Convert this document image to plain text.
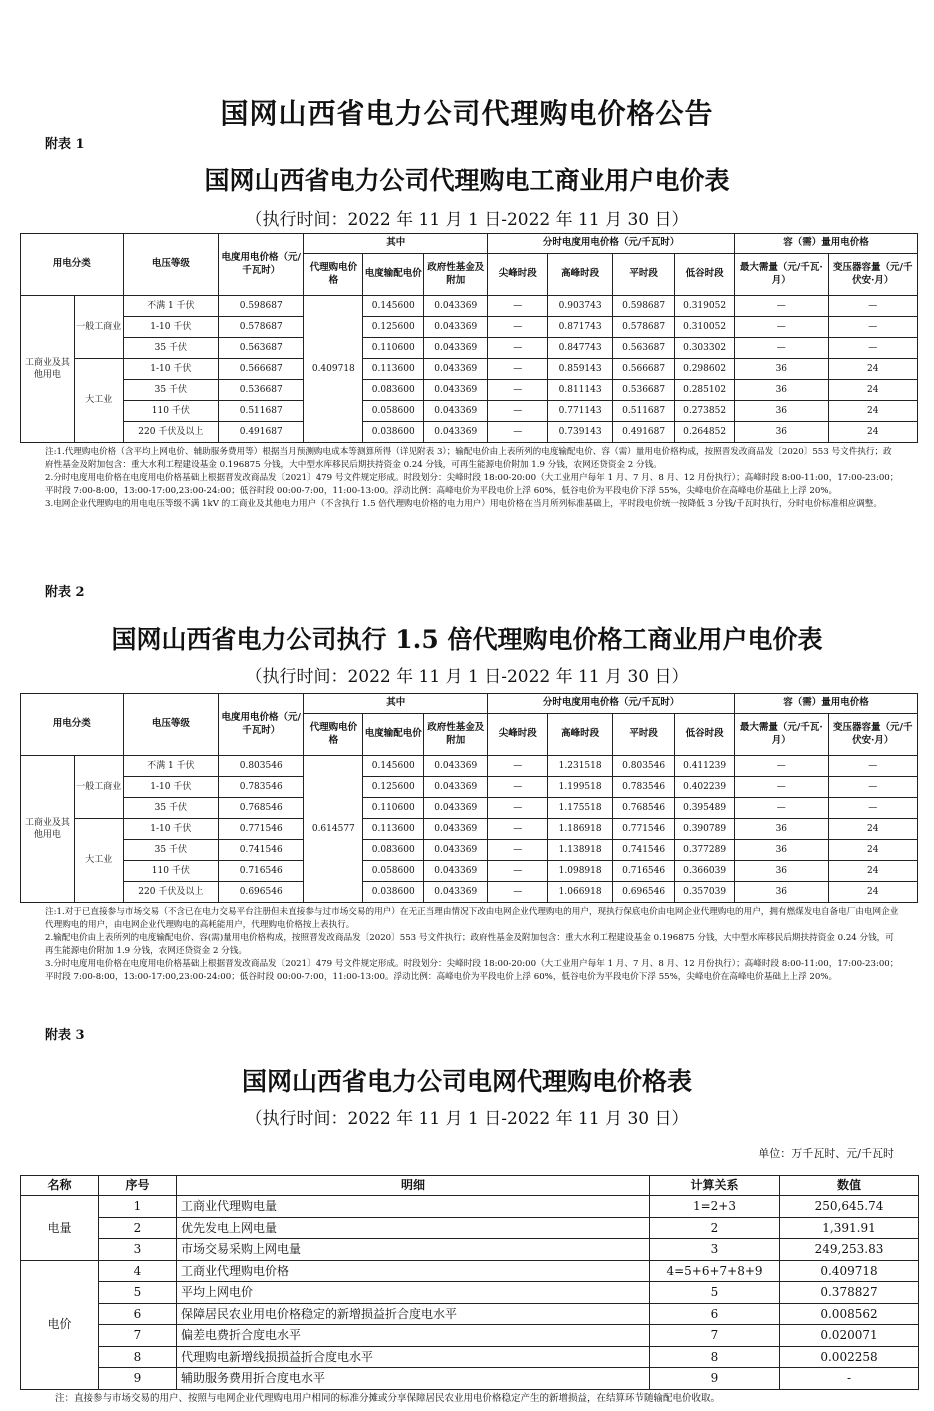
国网山西省电力公司代理购电价格公告
附表 1
国网山西省电力公司代理购电工商业用户电价表
（执行时间：2022 年 11 月 1 日-2022 年 11 月 30 日）
用电分类		电压等级	电度用电价格（元/千瓦时）	其中			分时电度用电价格（元/千瓦时）				容（需）量用电价格	
				代理购电价格	电度输配电价	政府性基金及附加	尖峰时段	高峰时段	平时段	低谷时段	最大需量（元/千瓦·月）	变压器容量（元/千伏安·月）
工商业及其他用电	一般工商业	不满 1 千伏	0.598687	0.409718	0.145600	0.043369	—	0.903743	0.598687	0.319052	—	—
		1-10 千伏	0.578687		0.125600	0.043369	—	0.871743	0.578687	0.310052	—	—
		35 千伏	0.563687		0.110600	0.043369	—	0.847743	0.563687	0.303302	—	—
	大工业	1-10 千伏	0.566687		0.113600	0.043369	—	0.859143	0.566687	0.298602	36	24
		35 千伏	0.536687		0.083600	0.043369	—	0.811143	0.536687	0.285102	36	24
		110 千伏	0.511687		0.058600	0.043369	—	0.771143	0.511687	0.273852	36	24
		220 千伏及以上	0.491687		0.038600	0.043369	—	0.739143	0.491687	0.264852	36	24
注:1.代理购电价格（含平均上网电价、辅助服务费用等）根据当月预测购电成本等测算所得（详见附表 3）；输配电价由上表所列的电度输配电价、容（需）量用电价格构成，按照晋发改商品发〔2020〕553 号文件执行；政府性基金及附加包含：重大水利工程建设基金 0.196875 分钱，大中型水库移民后期扶持资金 0.24 分钱，可再生能源电价附加 1.9 分钱，农网还贷资金 2 分钱。
2.分时电度用电价格在电度用电价格基础上根据晋发改商品发〔2021〕479 号文件规定形成。时段划分：尖峰时段 18:00-20:00（大工业用户每年 1 月、7 月、8 月、12 月份执行）；高峰时段 8:00-11:00，17:00-23:00；平时段 7:00-8:00，13:00-17:00,23:00-24:00；低谷时段 00:00-7:00，11:00-13:00。浮动比例：高峰电价为平段电价上浮 60%，低谷电价为平段电价下浮 55%，尖峰电价在高峰电价基础上上浮 20%。
3.电网企业代理购电的用电电压等级不满 1kV 的工商业及其他电力用户（不含执行 1.5 倍代理购电价格的电力用户）用电价格在当月所列标准基础上，平时段电价统一按降低 3 分钱/千瓦时执行，分时电价标准相应调整。
附表 2
国网山西省电力公司执行 1.5 倍代理购电价格工商业用户电价表
（执行时间：2022 年 11 月 1 日-2022 年 11 月 30 日）
用电分类		电压等级	电度用电价格（元/千瓦时）	其中			分时电度用电价格（元/千瓦时）				容（需）量用电价格	
				代理购电价格	电度输配电价	政府性基金及附加	尖峰时段	高峰时段	平时段	低谷时段	最大需量（元/千瓦·月）	变压器容量（元/千伏安·月）
工商业及其他用电	一般工商业	不满 1 千伏	0.803546	0.614577	0.145600	0.043369	—	1.231518	0.803546	0.411239	—	—
		1-10 千伏	0.783546		0.125600	0.043369	—	1.199518	0.783546	0.402239	—	—
		35 千伏	0.768546		0.110600	0.043369	—	1.175518	0.768546	0.395489	—	—
	大工业	1-10 千伏	0.771546		0.113600	0.043369	—	1.186918	0.771546	0.390789	36	24
		35 千伏	0.741546		0.083600	0.043369	—	1.138918	0.741546	0.377289	36	24
		110 千伏	0.716546		0.058600	0.043369	—	1.098918	0.716546	0.366039	36	24
		220 千伏及以上	0.696546		0.038600	0.043369	—	1.066918	0.696546	0.357039	36	24
注:1.对于已直接参与市场交易（不含已在电力交易平台注册但未直接参与过市场交易的用户）在无正当理由情况下改由电网企业代理购电的用户，现执行保底电价由电网企业代理购电的用户，拥有燃煤发电自备电厂由电网企业代理购电的用户，由电网企业代理购电的高耗能用户，代理购电价格按上表执行。
2.输配电价由上表所列的电度输配电价、容(需)量用电价格构成，按照晋发改商品发〔2020〕553 号文件执行；政府性基金及附加包含：重大水利工程建设基金 0.196875 分钱，大中型水库移民后期扶持资金 0.24 分钱，可再生能源电价附加 1.9 分钱，农网还贷资金 2 分钱。
3.分时电度用电价格在电度用电价格基础上根据晋发改商品发〔2021〕479 号文件规定形成。时段划分：尖峰时段 18:00-20:00（大工业用户每年 1 月、7 月、8 月、12 月份执行）；高峰时段 8:00-11:00，17:00-23:00；平时段 7:00-8:00，13:00-17:00,23:00-24:00；低谷时段 00:00-7:00，11:00-13:00。浮动比例：高峰电价为平段电价上浮 60%，低谷电价为平段电价下浮 55%，尖峰电价在高峰电价基础上上浮 20%。
附表 3
国网山西省电力公司电网代理购电价格表
（执行时间：2022 年 11 月 1 日-2022 年 11 月 30 日）
单位：万千瓦时、元/千瓦时
名称	序号	明细	计算关系	数值
电量	1	工商业代理购电量	1=2+3	250,645.74
	2	优先发电上网电量	2	1,391.91
	3	市场交易采购上网电量	3	249,253.83
电价	4	工商业代理购电价格	4=5+6+7+8+9	0.409718
	5	平均上网电价	5	0.378827
	6	保障居民农业用电价格稳定的新增损益折合度电水平	6	0.008562
	7	偏差电费折合度电水平	7	0.020071
	8	代理购电新增线损损益折合度电水平	8	0.002258
	9	辅助服务费用折合度电水平	9	-
注：直接参与市场交易的用户、按照与电网企业代理购电用户相同的标准分摊或分享保障居民农业用电价格稳定产生的新增损益，在结算环节随输配电价收取。
